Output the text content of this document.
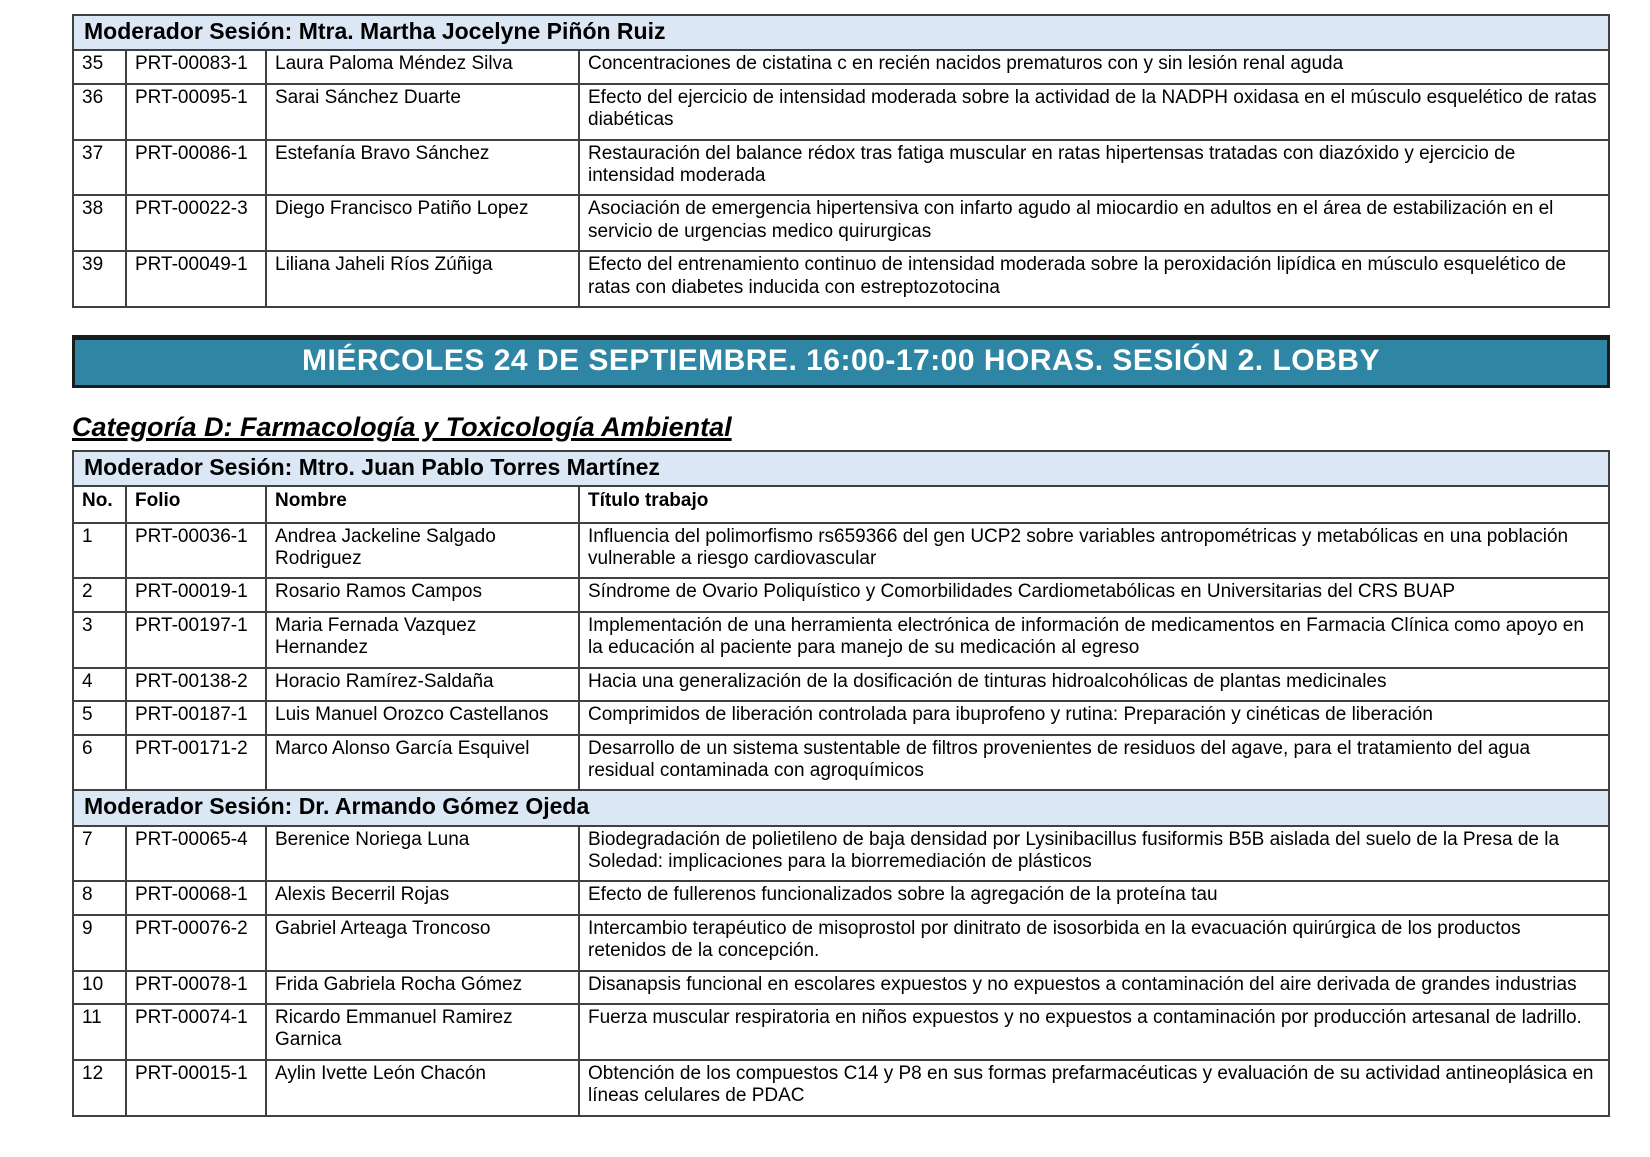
Moderador Sesión: Mtra. Martha Jocelyne Piñón Ruiz			
35	PRT-00083-1	Laura Paloma Méndez Silva	Concentraciones de cistatina c en recién nacidos prematuros con y sin lesión renal aguda
36	PRT-00095-1	Sarai Sánchez Duarte	Efecto del ejercicio de intensidad moderada sobre la actividad de la NADPH oxidasa en el músculo esquelético de ratas diabéticas
37	PRT-00086-1	Estefanía Bravo Sánchez	Restauración del balance rédox tras fatiga muscular en ratas hipertensas tratadas con diazóxido y ejercicio de intensidad moderada
38	PRT-00022-3	Diego Francisco Patiño Lopez	Asociación de emergencia hipertensiva con infarto agudo al miocardio en adultos en el área de estabilización en el servicio de urgencias medico quirurgicas
39	PRT-00049-1	Liliana Jaheli Ríos Zúñiga	Efecto del entrenamiento continuo de intensidad moderada sobre la peroxidación lipídica en músculo esquelético de ratas con diabetes inducida con estreptozotocina
MIÉRCOLES 24 DE SEPTIEMBRE. 16:00-17:00 HORAS. SESIÓN 2. LOBBY
Categoría D: Farmacología y Toxicología Ambiental
Moderador Sesión: Mtro. Juan Pablo Torres Martínez			
No.	Folio	Nombre	Título trabajo
1	PRT-00036-1	Andrea Jackeline Salgado Rodriguez	Influencia del polimorfismo rs659366 del gen UCP2 sobre variables antropométricas y metabólicas en una población vulnerable a riesgo cardiovascular
2	PRT-00019-1	Rosario Ramos Campos	Síndrome de Ovario Poliquístico y Comorbilidades Cardiometabólicas en Universitarias del CRS BUAP
3	PRT-00197-1	Maria Fernada Vazquez Hernandez	Implementación de una herramienta electrónica de información de medicamentos en Farmacia Clínica como apoyo en la educación al paciente para manejo de su medicación al egreso
4	PRT-00138-2	Horacio Ramírez-Saldaña	Hacia una generalización de la dosificación de tinturas hidroalcohólicas de plantas medicinales
5	PRT-00187-1	Luis Manuel Orozco Castellanos	Comprimidos de liberación controlada para ibuprofeno y rutina: Preparación y cinéticas de liberación
6	PRT-00171-2	Marco Alonso García Esquivel	Desarrollo de un sistema sustentable de filtros provenientes de residuos del agave, para el tratamiento del agua residual contaminada con agroquímicos
Moderador Sesión: Dr. Armando Gómez Ojeda			
7	PRT-00065-4	Berenice Noriega Luna	Biodegradación de polietileno de baja densidad por Lysinibacillus fusiformis B5B aislada del suelo de la Presa de la Soledad: implicaciones para la biorremediación de plásticos
8	PRT-00068-1	Alexis Becerril Rojas	Efecto de fullerenos funcionalizados sobre la agregación de la proteína tau
9	PRT-00076-2	Gabriel Arteaga Troncoso	Intercambio terapéutico de misoprostol por dinitrato de isosorbida en la evacuación quirúrgica de los productos retenidos de la concepción.
10	PRT-00078-1	Frida Gabriela Rocha Gómez	Disanapsis funcional en escolares expuestos y no expuestos a contaminación del aire derivada de grandes industrias
11	PRT-00074-1	Ricardo Emmanuel Ramirez Garnica	Fuerza muscular respiratoria en niños expuestos y no expuestos a contaminación por producción artesanal de ladrillo.
12	PRT-00015-1	Aylin Ivette León Chacón	Obtención de los compuestos C14 y P8 en sus formas prefarmacéuticas y evaluación de su actividad antineoplásica en líneas celulares de PDAC
